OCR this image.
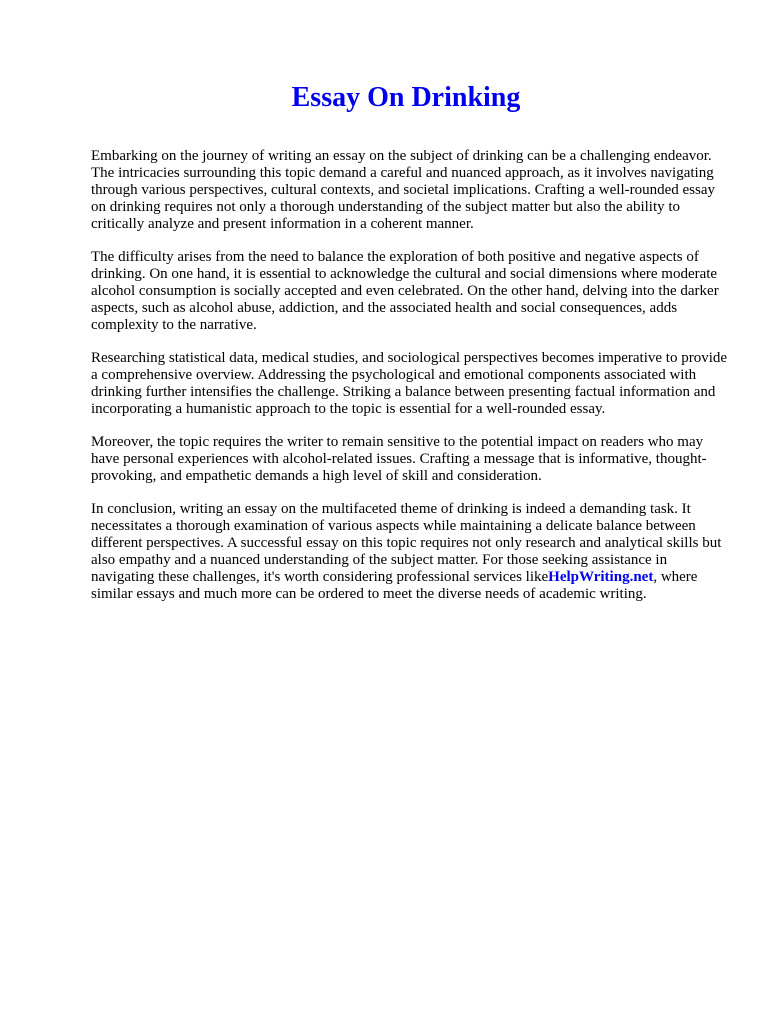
Essay On Drinking

Embarking on the journey of writing an essay on the subject of drinking can be a challenging endeavor. The intricacies surrounding this topic demand a careful and nuanced approach, as it involves navigating through various perspectives, cultural contexts, and societal implications. Crafting a well-rounded essay on drinking requires not only a thorough understanding of the subject matter but also the ability to critically analyze and present information in a coherent manner.

The difficulty arises from the need to balance the exploration of both positive and negative aspects of drinking. On one hand, it is essential to acknowledge the cultural and social dimensions where moderate alcohol consumption is socially accepted and even celebrated. On the other hand, delving into the darker aspects, such as alcohol abuse, addiction, and the associated health and social consequences, adds complexity to the narrative.

Researching statistical data, medical studies, and sociological perspectives becomes imperative to provide a comprehensive overview. Addressing the psychological and emotional components associated with drinking further intensifies the challenge. Striking a balance between presenting factual information and incorporating a humanistic approach to the topic is essential for a well-rounded essay.

Moreover, the topic requires the writer to remain sensitive to the potential impact on readers who may have personal experiences with alcohol-related issues. Crafting a message that is informative, thought-provoking, and empathetic demands a high level of skill and consideration.

In conclusion, writing an essay on the multifaceted theme of drinking is indeed a demanding task. It necessitates a thorough examination of various aspects while maintaining a delicate balance between different perspectives. A successful essay on this topic requires not only research and analytical skills but also empathy and a nuanced understanding of the subject matter. For those seeking assistance in navigating these challenges, it's worth considering professional services likeHelpWriting.net, where similar essays and much more can be ordered to meet the diverse needs of academic writing.
